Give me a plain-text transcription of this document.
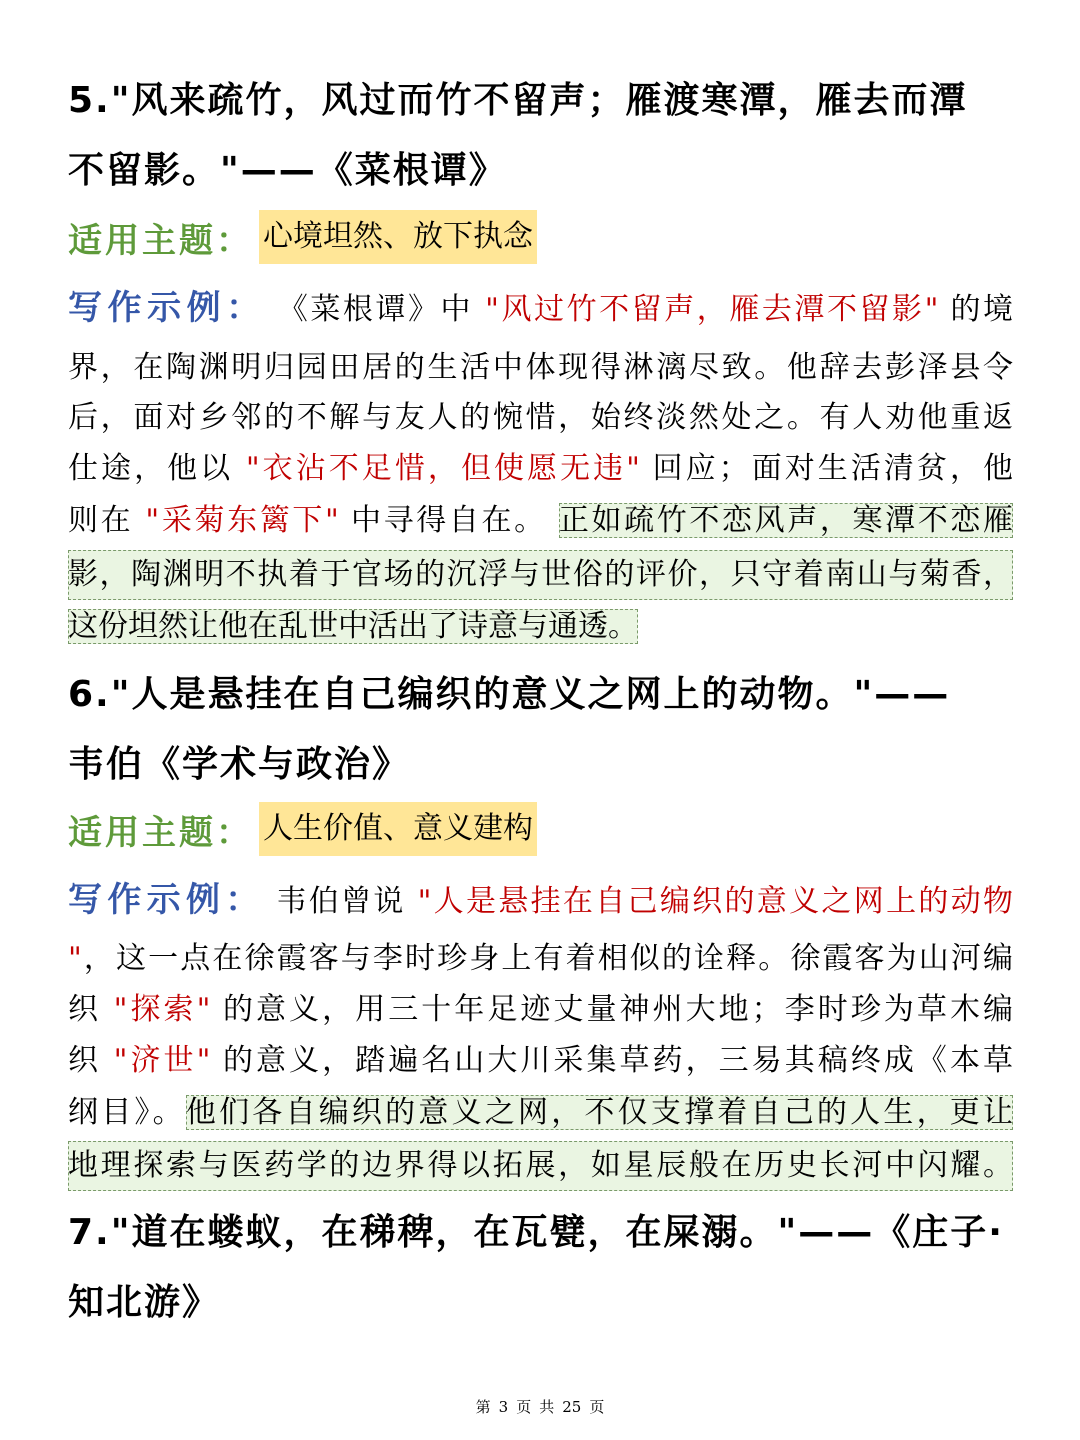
5."风来疏竹，风过而竹不留声；雁渡寒潭，雁去而潭
不留影。"——《菜根谭》
适用主题： 心境坦然、放下执念
写作示例： 《菜根谭》中 "风过竹不留声，雁去潭不留影" 的境
界，在陶渊明归园田居的生活中体现得淋漓尽致。他辞去彭泽县令
后，面对乡邻的不解与友人的惋惜，始终淡然处之。有人劝他重返
仕途，他以 "衣沾不足惜，但使愿无违" 回应；面对生活清贫，他
则在 "采菊东篱下" 中寻得自在。 正如疏竹不恋风声，寒潭不恋雁
影，陶渊明不执着于官场的沉浮与世俗的评价，只守着南山与菊香，
这份坦然让他在乱世中活出了诗意与通透。
6."人是悬挂在自己编织的意义之网上的动物。"——
韦伯《学术与政治》
适用主题： 人生价值、意义建构
写作示例： 韦伯曾说 "人是悬挂在自己编织的意义之网上的动物
"，这一点在徐霞客与李时珍身上有着相似的诠释。徐霞客为山河编
织 "探索" 的意义，用三十年足迹丈量神州大地；李时珍为草木编
织 "济世" 的意义，踏遍名山大川采集草药，三易其稿终成《本草
纲目》。他们各自编织的意义之网，不仅支撑着自己的人生，更让
地理探索与医药学的边界得以拓展，如星辰般在历史长河中闪耀。
7."道在蝼蚁，在稊稗，在瓦甓，在屎溺。"——《庄子·
知北游》
第 3 页 共 25 页
